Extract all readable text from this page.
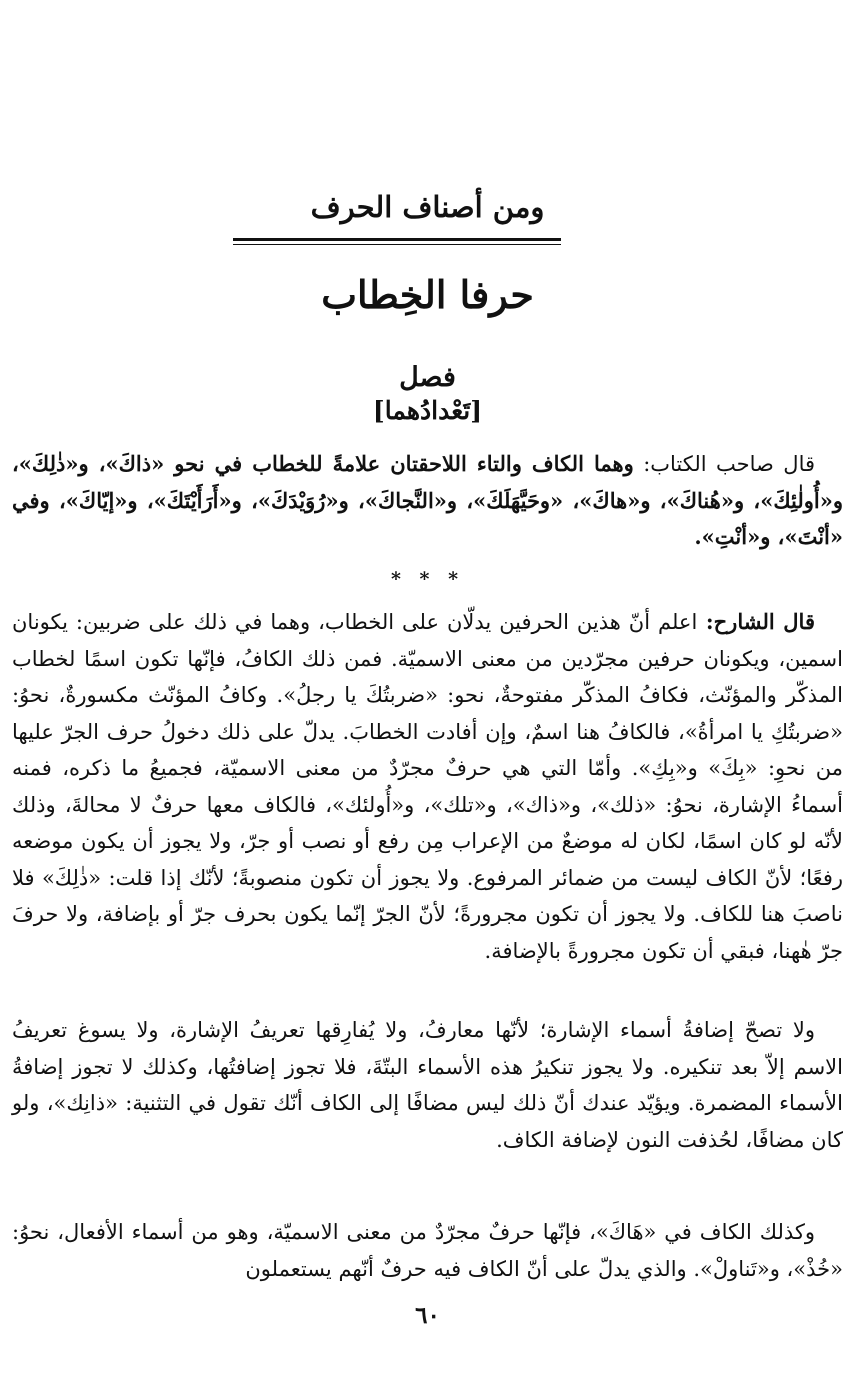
ومن أصناف الحرف
حرفا الخِطاب
فصل
[تَعْدادُهما]

قال صاحب الكتاب: وهما الكاف والتاء اللاحقتان علامةً للخطاب في نحو «ذاكَ»، و«ذٰلِكَ»، و«أُولٰئِكَ»، و«هُناكَ»، و«هاكَ»، «وحَيَّهَلَكَ»، و«النَّجاكَ»، و«رُوَيْدَكَ»، و«أَرَأَيْتَكَ»، و«إيّاكَ»، وفي «أنْتَ»، و«أنْتِ».

* * *

قال الشارح: اعلم أنّ هذين الحرفين يدلّان على الخطاب، وهما في ذلك على ضربين: يكونان اسمين، ويكونان حرفين مجرّدين من معنى الاسميّة. فمن ذلك الكافُ، فإنّها تكون اسمًا لخطاب المذكّر والمؤنّث، فكافُ المذكّر مفتوحةٌ، نحو: «ضربتُكَ يا رجلُ». وكافُ المؤنّث مكسورةٌ، نحوُ: «ضربتُكِ يا امرأةُ»، فالكافُ هنا اسمٌ، وإن أفادت الخطابَ. يدلّ على ذلك دخولُ حرف الجرّ عليها من نحوِ: «بِكَ» و«بِكِ». وأمّا التي هي حرفٌ مجرّدٌ من معنى الاسميّة، فجميعُ ما ذكره، فمنه أسماءُ الإشارة، نحوُ: «ذلك»، و«ذاك»، و«تلك»، و«أُولئك»، فالكاف معها حرفٌ لا محالةَ، وذلك لأنّه لو كان اسمًا، لكان له موضعٌ من الإعراب مِن رفع أو نصب أو جرّ، ولا يجوز أن يكون موضعه رفعًا؛ لأنّ الكاف ليست من ضمائر المرفوع. ولا يجوز أن تكون منصوبةً؛ لأنّك إذا قلت: «ذٰلِكَ» فلا ناصبَ هنا للكاف. ولا يجوز أن تكون مجرورةً؛ لأنّ الجرّ إنّما يكون بحرف جرّ أو بإضافة، ولا حرفَ جرّ هٰهنا، فبقي أن تكون مجرورةً بالإضافة.

ولا تصحّ إضافةُ أسماء الإشارة؛ لأنّها معارفُ، ولا يُفارِقها تعريفُ الإشارة، ولا يسوغ تعريفُ الاسم إلاّ بعد تنكيره. ولا يجوز تنكيرُ هذه الأسماء البتّةَ، فلا تجوز إضافتُها، وكذلك لا تجوز إضافةُ الأسماء المضمرة. ويؤيّد عندك أنّ ذلك ليس مضافًا إلى الكاف أنّك تقول في التثنية: «ذانِك»، ولو كان مضافًا، لحُذفت النون لإضافة الكاف.

وكذلك الكاف في «هَاكَ»، فإنّها حرفٌ مجرّدٌ من معنى الاسميّة، وهو من أسماء الأفعال، نحوُ: «خُذْ»، و«تَناولْ». والذي يدلّ على أنّ الكاف فيه حرفٌ أنّهم يستعملون

٦٠
